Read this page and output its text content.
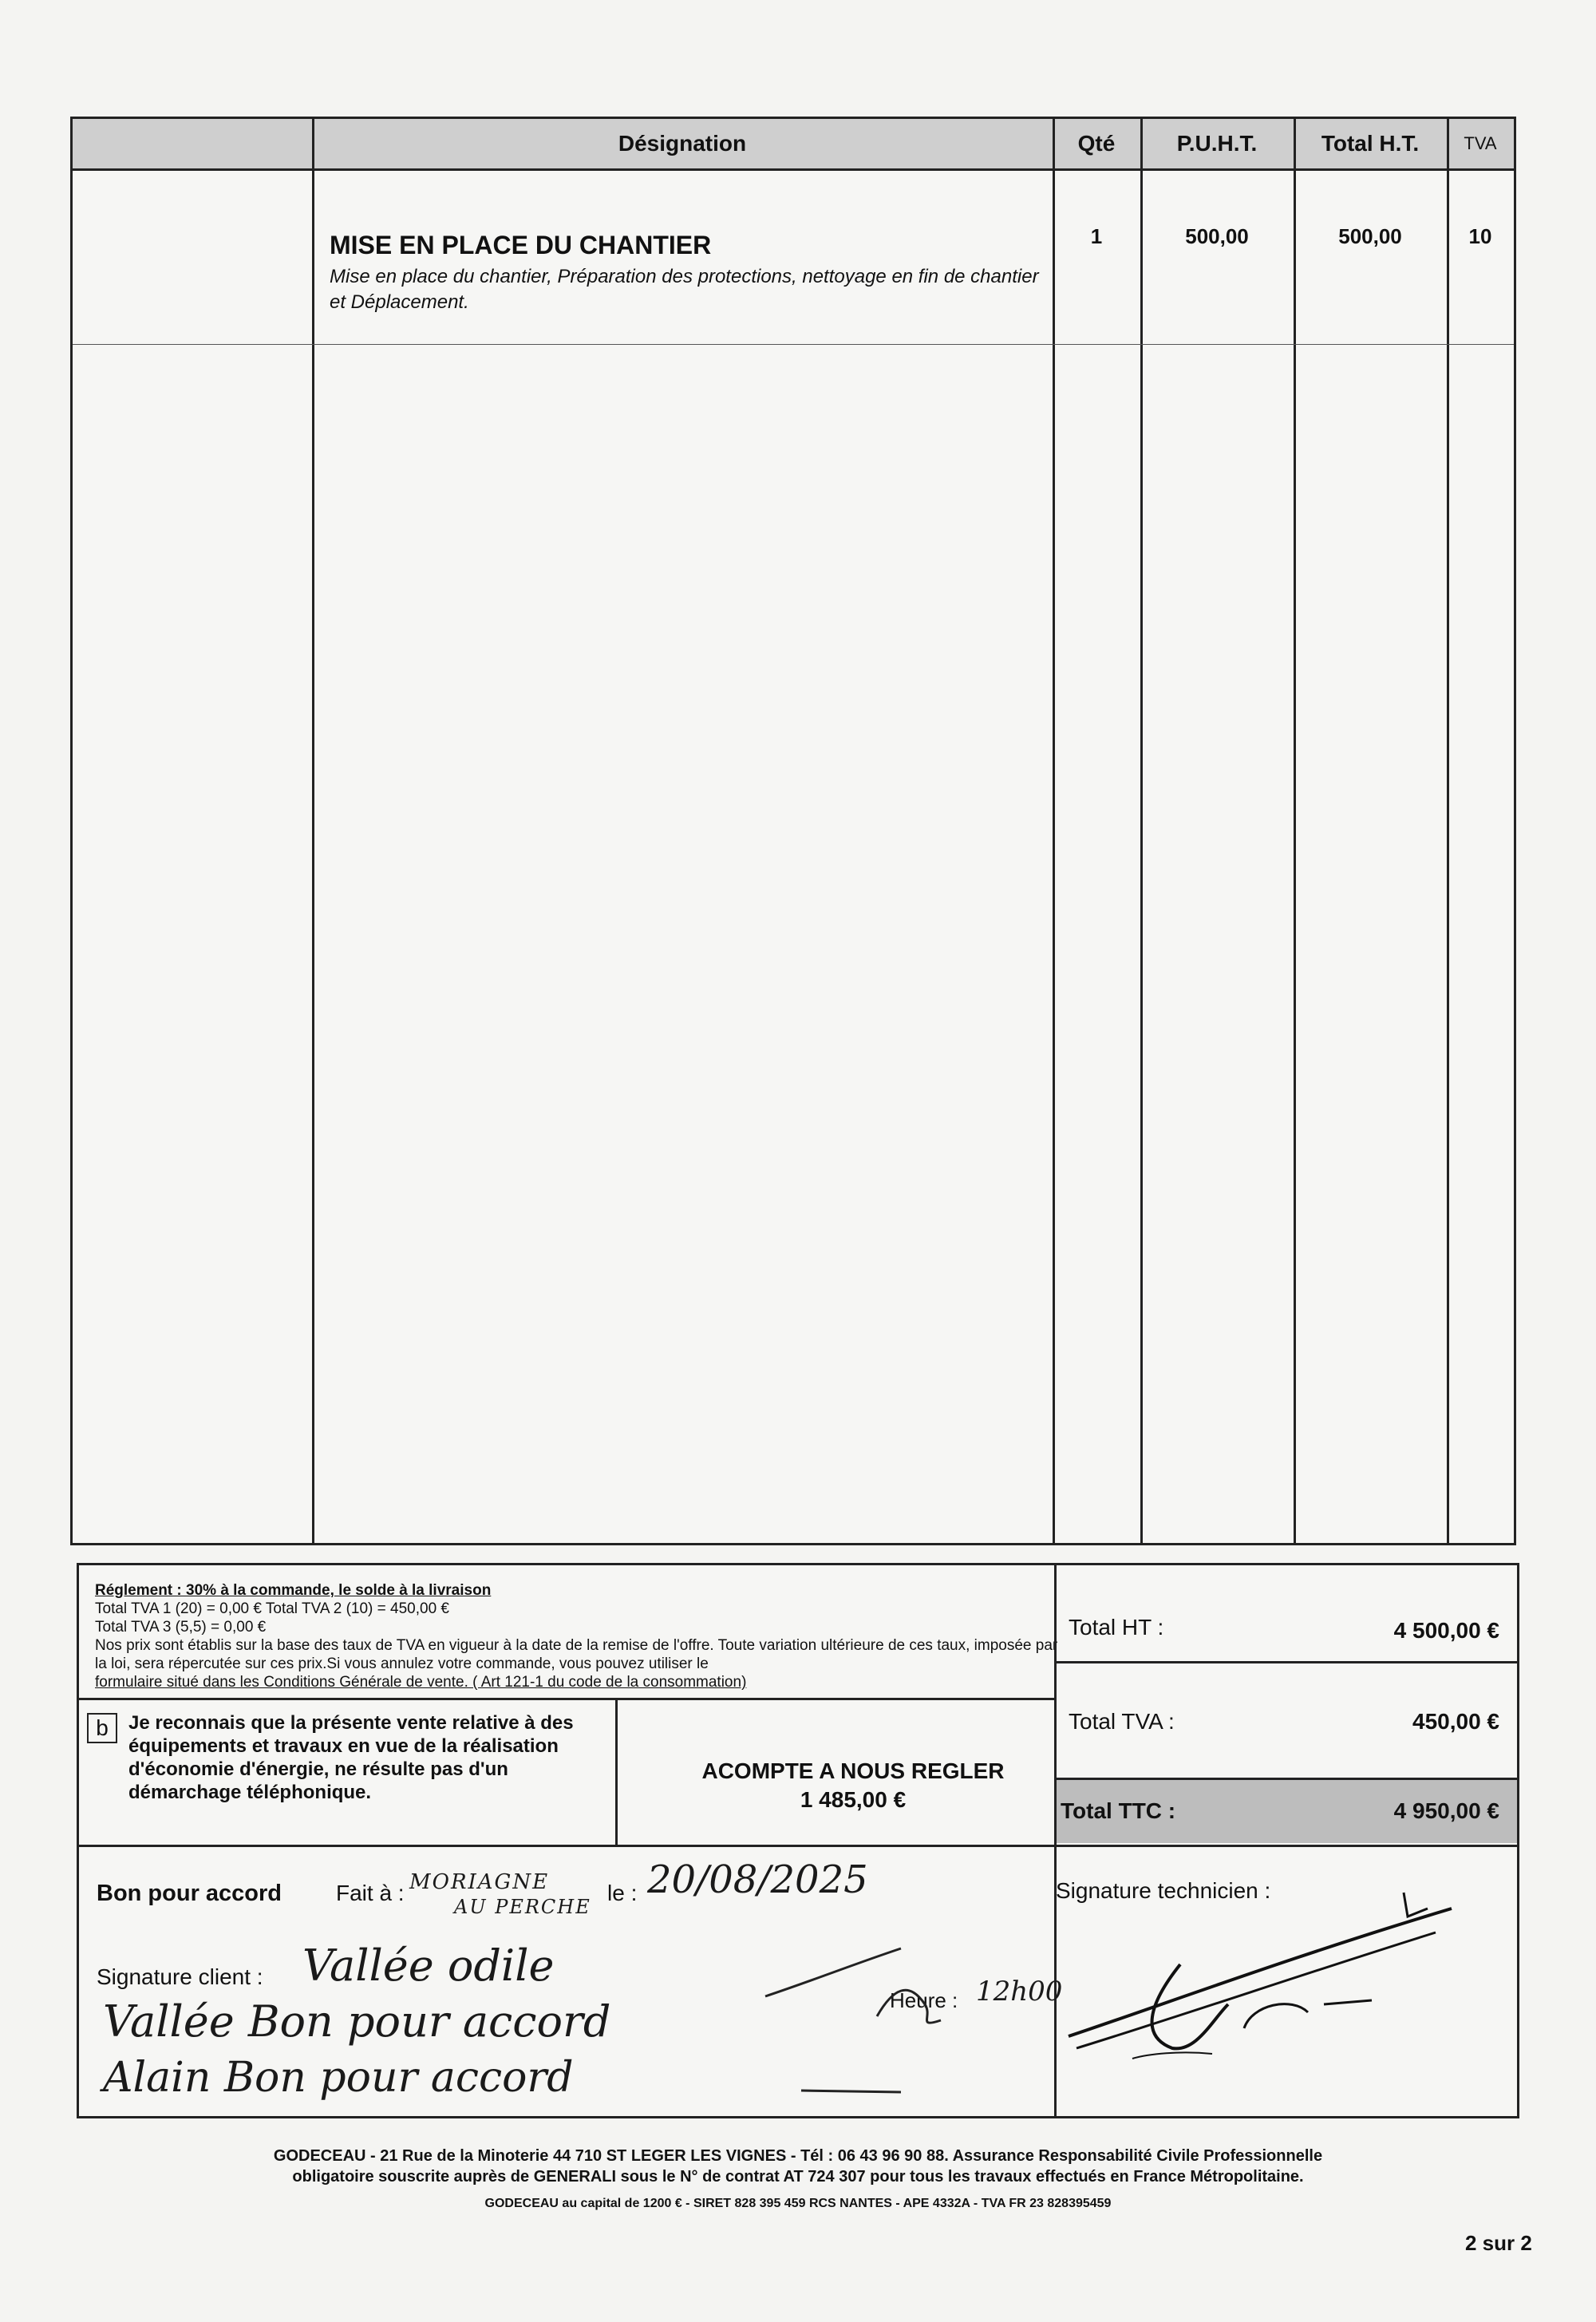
Désignation	Qté	P.U.H.T.	Total H.T.	TVA
MISE EN PLACE DU CHANTIER
Mise en place du chantier, Préparation des protections, nettoyage en fin de chantier et Déplacement.
1	500,00	500,00	10
Réglement : 30% à la commande, le solde à la livraison
Total TVA 1 (20) = 0,00 € Total TVA 2 (10) = 450,00 €
Total TVA 3 (5,5) = 0,00 €
Nos prix sont établis sur la base des taux de TVA en vigueur à la date de la remise de l'offre. Toute variation ultérieure de ces taux, imposée par la loi, sera répercutée sur ces prix.Si vous annulez votre commande, vous pouvez utiliser le
formulaire situé dans les Conditions Générale de vente. ( Art 121-1 du code de la consommation)
Total HT :	4 500,00 €
Total TVA :	450,00 €
Total TTC :	4 950,00 €
b	Je reconnais que la présente vente relative à des équipements et travaux en vue de la réalisation d'économie d'énergie, ne résulte pas d'un démarchage téléphonique.
ACOMPTE A NOUS REGLER
1 485,00 €
Bon pour accord Fait à : MORIAGNE
AU PERCHE
le : 20/08/2025
Signature client : Vallée odile
Vallée Bon pour accord
Alain Bon pour accord
Heure : 12h00
Signature technicien :
GODECEAU - 21 Rue de la Minoterie 44 710 ST LEGER LES VIGNES - Tél : 06 43 96 90 88. Assurance Responsabilité Civile Professionnelle
obligatoire souscrite auprès de GENERALI sous le N° de contrat AT 724 307 pour tous les travaux effectués en France Métropolitaine.
GODECEAU au capital de 1200 € - SIRET 828 395 459 RCS NANTES - APE 4332A - TVA FR 23 828395459
2 sur 2
